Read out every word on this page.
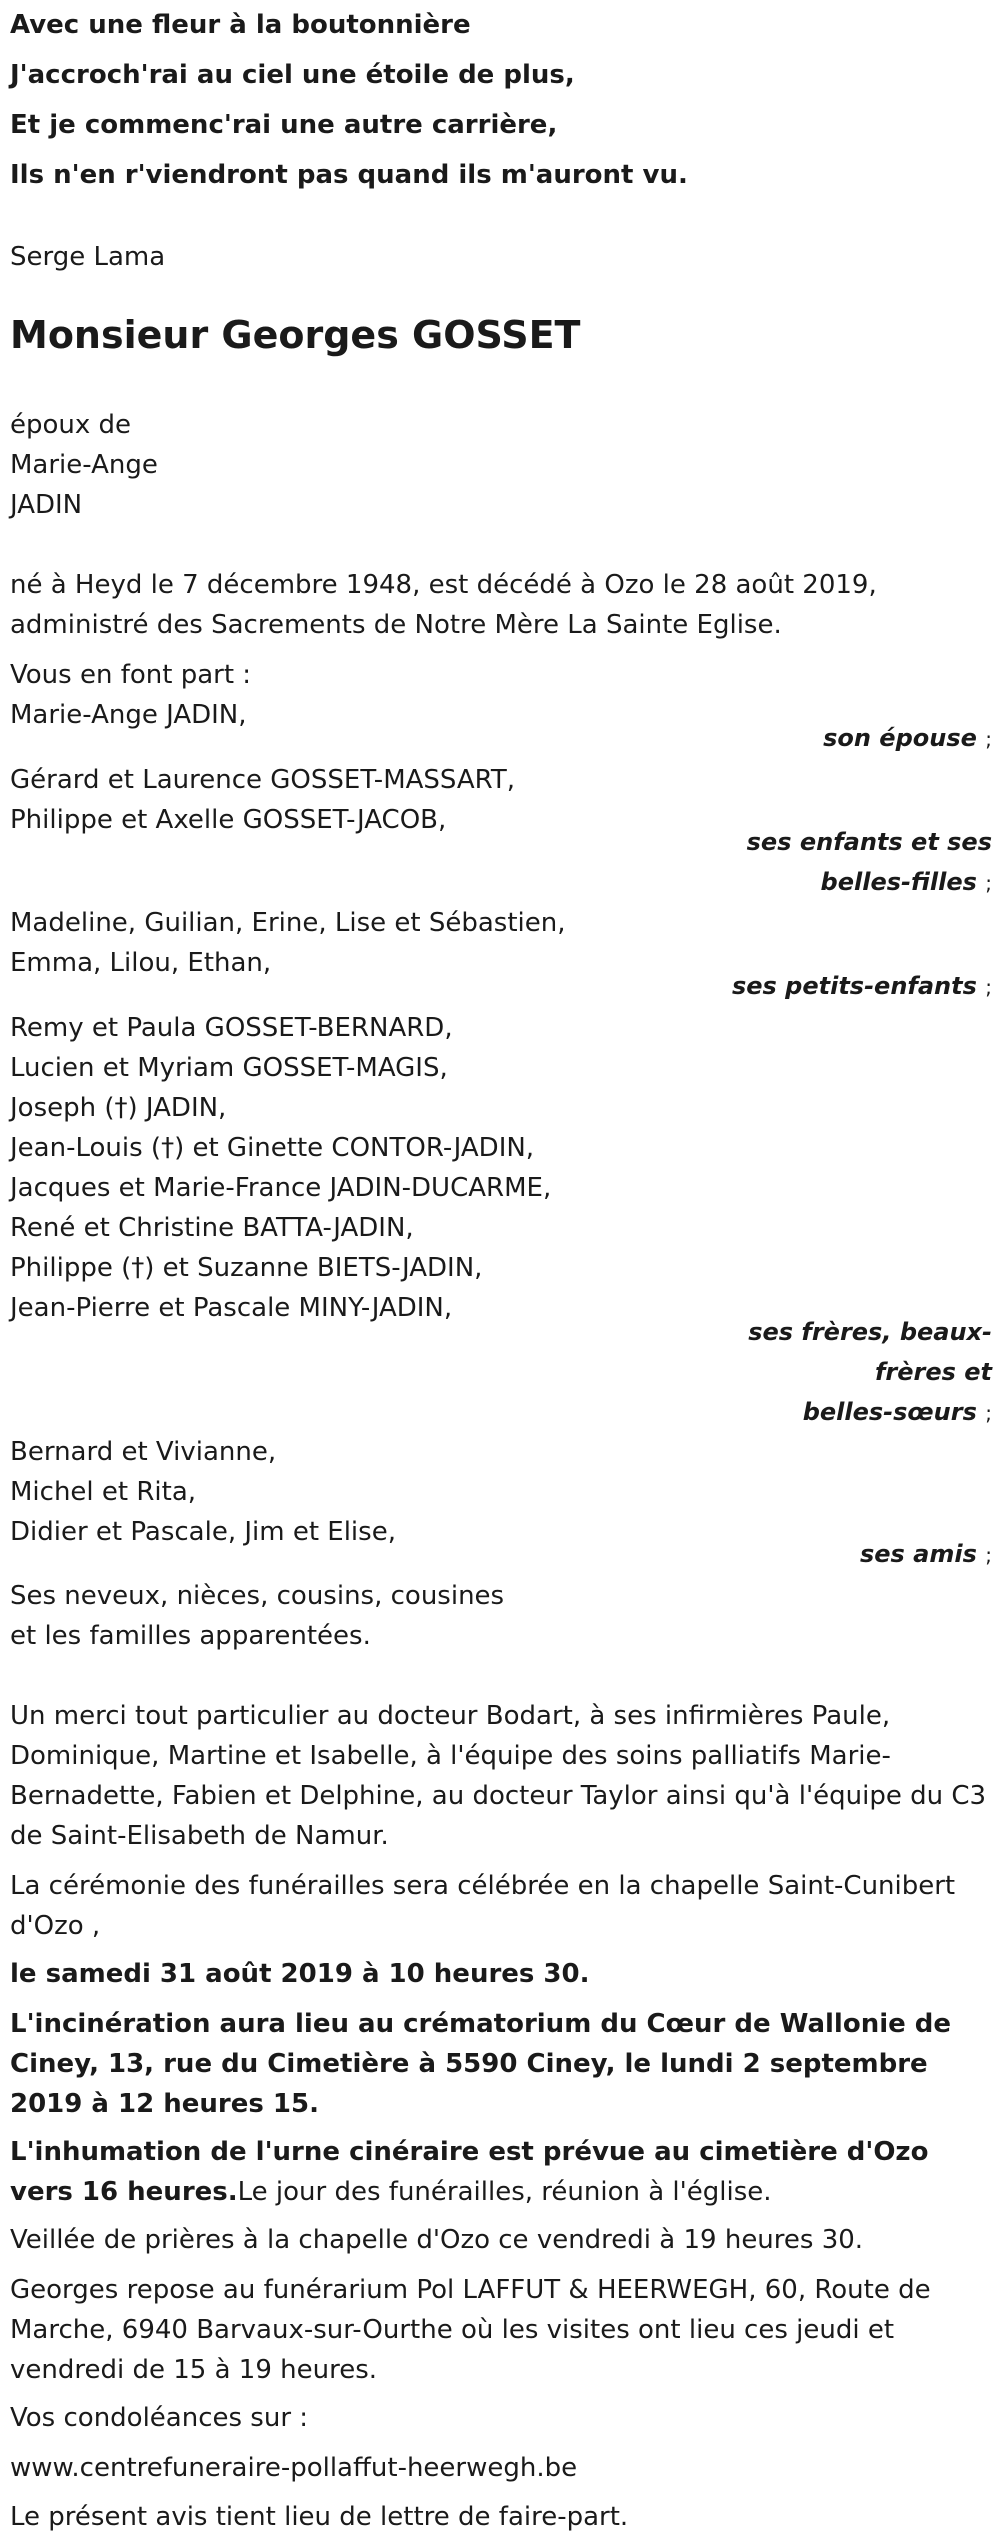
Avec une fleur à la boutonnière

J'accroch'rai au ciel une étoile de plus,

Et je commenc'rai une autre carrière,

Ils n'en r'viendront pas quand ils m'auront vu.

Serge Lama

Monsieur Georges GOSSET

époux de

Marie-Ange

JADIN

né à Heyd le 7 décembre 1948, est décédé à Ozo le 28 août 2019,

administré des Sacrements de Notre Mère La Sainte Eglise.

Vous en font part :

Marie-Ange JADIN,

son épouse ;

Gérard et Laurence GOSSET-MASSART,

Philippe et Axelle GOSSET-JACOB,

ses enfants et ses

belles-filles ;

Madeline, Guilian, Erine, Lise et Sébastien,

Emma, Lilou, Ethan,

ses petits-enfants ;

Remy et Paula GOSSET-BERNARD,

Lucien et Myriam GOSSET-MAGIS,

Joseph (†) JADIN,

Jean-Louis (†) et Ginette CONTOR-JADIN,

Jacques et Marie-France JADIN-DUCARME,

René et Christine BATTA-JADIN,

Philippe (†) et Suzanne BIETS-JADIN,

Jean-Pierre et Pascale MINY-JADIN,

ses frères, beaux-

frères et

belles-sœurs ;

Bernard et Vivianne,

Michel et Rita,

Didier et Pascale, Jim et Elise,

ses amis ;

Ses neveux, nièces, cousins, cousines

et les familles apparentées.

Un merci tout particulier au docteur Bodart, à ses infirmières Paule, Dominique, Martine et Isabelle, à l'équipe des soins palliatifs Marie-Bernadette, Fabien et Delphine, au docteur Taylor ainsi qu'à l'équipe du C3 de Saint-Elisabeth de Namur.

La cérémonie des funérailles sera célébrée en la chapelle Saint-Cunibert d'Ozo ,

le samedi 31 août 2019 à 10 heures 30.

L'incinération aura lieu au crématorium du Cœur de Wallonie de Ciney, 13, rue du Cimetière à 5590 Ciney, le lundi 2 septembre 2019 à 12 heures 15.

L'inhumation de l'urne cinéraire est prévue au cimetière d'Ozo vers 16 heures.Le jour des funérailles, réunion à l'église.

Veillée de prières à la chapelle d'Ozo ce vendredi à 19 heures 30.

Georges repose au funérarium Pol LAFFUT & HEERWEGH, 60, Route de Marche, 6940 Barvaux-sur-Ourthe où les visites ont lieu ces jeudi et vendredi de 15 à 19 heures.

Vos condoléances sur :

www.centrefuneraire-pollaffut-heerwegh.be

Le présent avis tient lieu de lettre de faire-part.
